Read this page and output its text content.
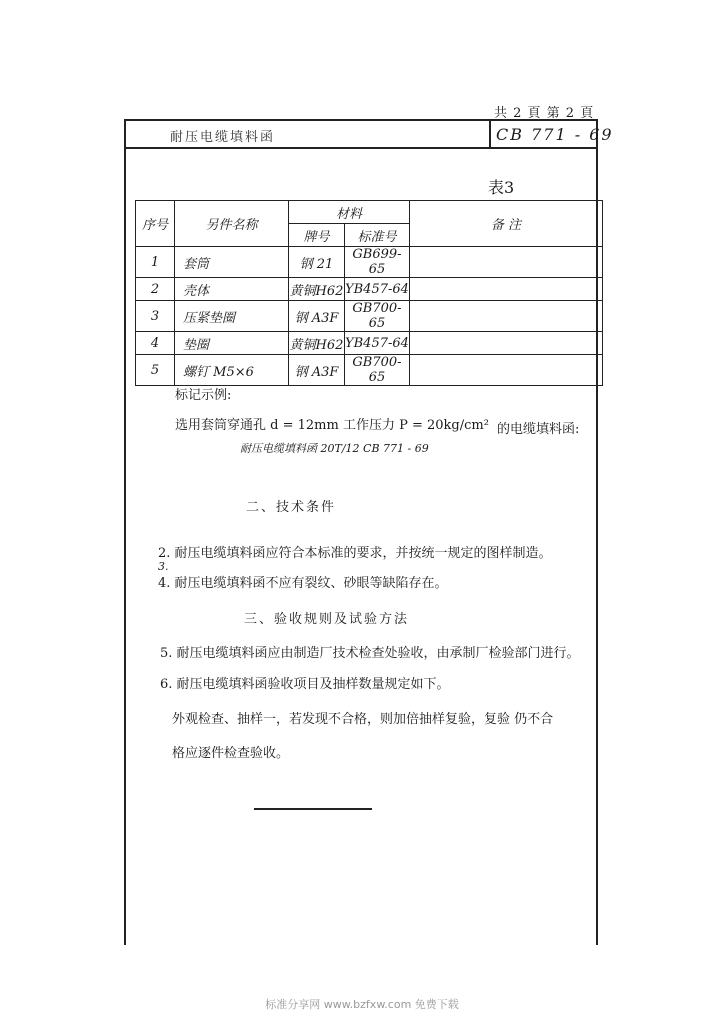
共 2 頁 第 2 頁
耐压电缆填料函	CB 771 - 69
表3
序号	另件名称	材料		备 注
		牌号	标准号	
1	套筒	钢 21	GB699-65	
2	壳体	黄铜H62	YB457-64	
3	压紧垫圈	钢 A3F	GB700-65	
4	垫圈	黄铜H62	YB457-64	
5	螺钉 M5×6	钢 A3F	GB700-65	
标记示例:
选用套筒穿通孔 d = 12mm 工作压力 P = 20kg/cm² 的电缆填料函:
耐压电缆填料函 20T/12 CB 771 - 69
二、技术条件
2. 耐压电缆填料函应符合本标准的要求，并按统一规定的图样制造。
3.
4. 耐压电缆填料函不应有裂纹、砂眼等缺陷存在。
三、验收规则及试验方法
5. 耐压电缆填料函应由制造厂技术检查处验收，由承制厂检验部门进行。
6. 耐压电缆填料函验收项目及抽样数量规定如下。
外观检查、抽样一，若发现不合格，则加倍抽样复验，复验 仍不合
格应逐件检查验收。
标准分享网 www.bzfxw.com 免费下载
